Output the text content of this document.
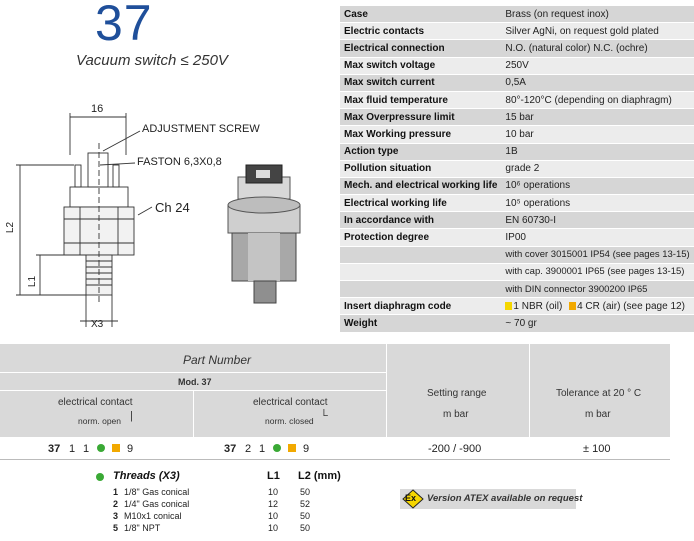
37
Vacuum switch ≤ 250V
16
ADJUSTMENT SCREW
FASTON 6,3X0,8
Ch 24
L2
L1
X3
Case	Brass (on request inox)
Electric contacts	Silver AgNi, on request gold plated
Electrical connection	N.O. (natural color) N.C. (ochre)
Max switch voltage	250V
Max switch current	0,5A
Max fluid temperature	80°-120°C (depending on diaphragm)
Max Overpressure limit	15 bar
Max Working pressure	10 bar
Action type	1B
Pollution situation	grade 2
Mech. and electrical working life	10⁶ operations
Electrical working life	10⁵ operations
In accordance with	EN 60730-I
Protection degree	IP00
	with cover 3015001 IP54 (see pages 13-15)
	with cap. 3900001 IP65 (see pages 13-15)
	with DIN connector 3900200 IP65
Insert diaphragm code	1 NBR (oil) 4 CR (air) (see page 12)
Weight	~ 70 gr
Part Number
Mod. 37
electrical contact
norm. open |
electrical contact
norm. closed └
Setting range
m bar
Tolerance at 20 ° C
m bar
37 1 1	9	37 2 1	9	-200 / -900	± 100
Threads (X3)	L1 L2 (mm)
1 1/8" Gas conical	10 50
2 1/4" Gas conical	12 52
3 M10x1 conical	10 50
5 1/8" NPT	10 50
Ex Version ATEX available on request
